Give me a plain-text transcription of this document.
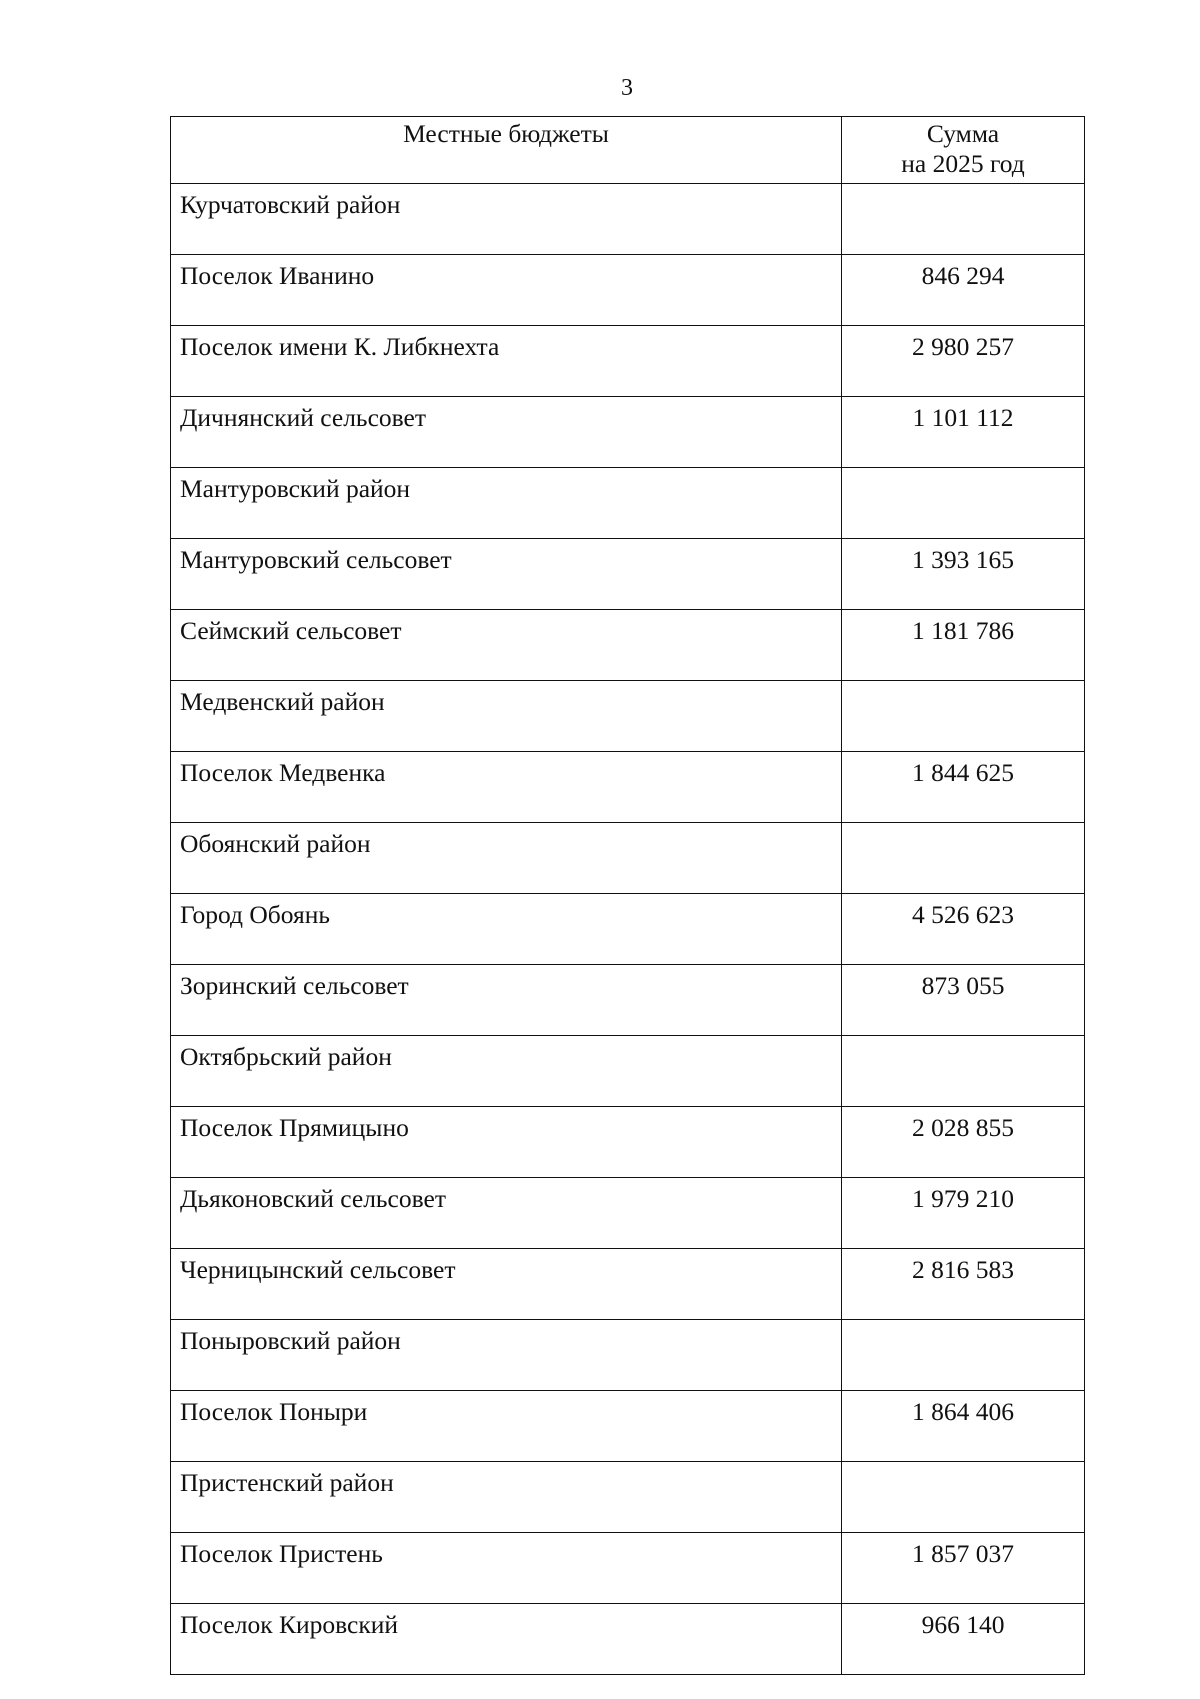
3
Местные бюджеты	Сумма
на 2025 год

Курчатовский район	
Поселок Иванино	846 294
Поселок имени К. Либкнехта	2 980 257
Дичнянский сельсовет	1 101 112
Мантуровский район	
Мантуровский сельсовет	1 393 165
Сеймский сельсовет	1 181 786
Медвенский район	
Поселок Медвенка	1 844 625
Обоянский район	
Город Обоянь	4 526 623
Зоринский сельсовет	873 055
Октябрьский район	
Поселок Прямицыно	2 028 855
Дьяконовский сельсовет	1 979 210
Черницынский сельсовет	2 816 583
Поныровский район	
Поселок Поныри	1 864 406
Пристенский район	
Поселок Пристень	1 857 037
Поселок Кировский	966 140
